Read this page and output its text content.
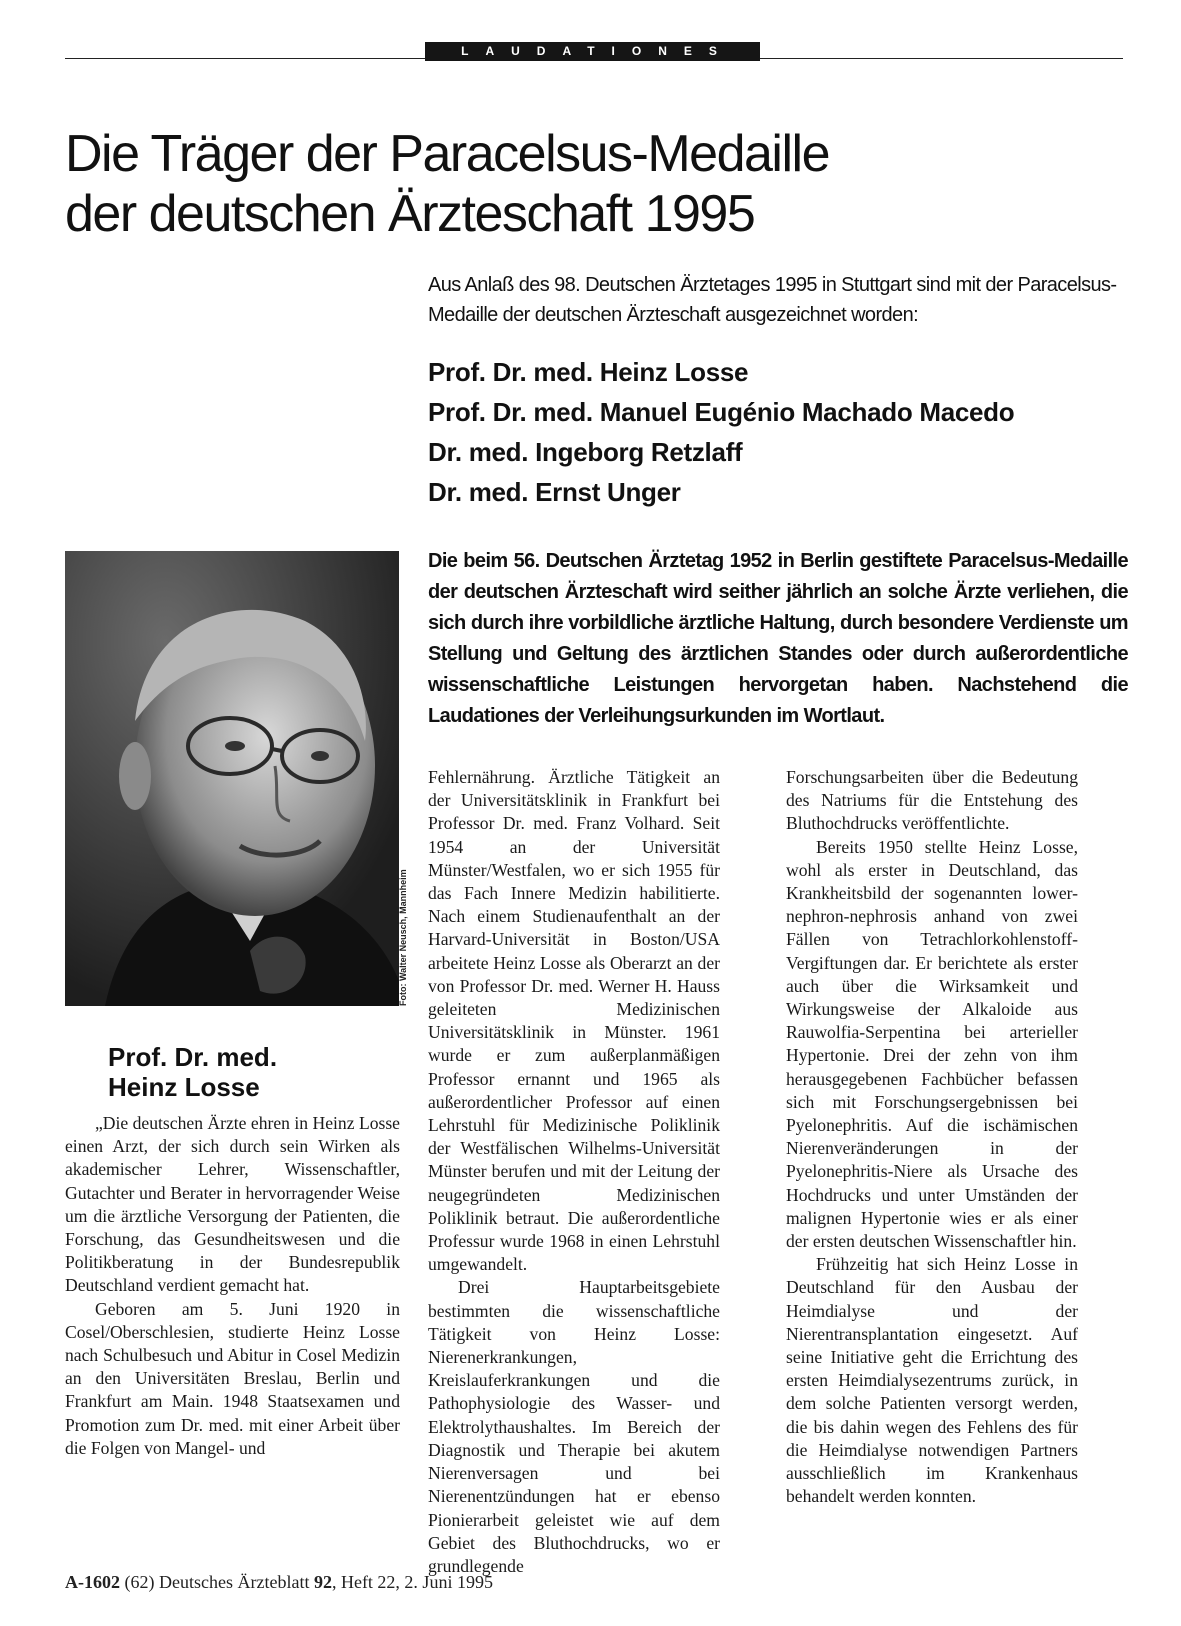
LAUDATIONES
Die Träger der Paracelsus-Medaille
der deutschen Ärzteschaft 1995

Aus Anlaß des 98. Deutschen Ärztetages 1995 in Stuttgart sind mit der Paracelsus-Medaille der deutschen Ärzteschaft ausgezeichnet worden:

Prof. Dr. med. Heinz Losse
Prof. Dr. med. Manuel Eugénio Machado Macedo
Dr. med. Ingeborg Retzlaff
Dr. med. Ernst Unger

Die beim 56. Deutschen Ärztetag 1952 in Berlin gestiftete Paracelsus-Medaille der deutschen Ärzteschaft wird seither jährlich an solche Ärzte verliehen, die sich durch ihre vorbildliche ärztliche Haltung, durch besondere Verdienste um Stellung und Geltung des ärztlichen Standes oder durch außerordentliche wissenschaftliche Leistungen hervorgetan haben. Nachstehend die Laudationes der Verleihungsurkunden im Wortlaut.

Foto: Walter Neusch, Mannheim
Prof. Dr. med.
Heinz Losse

„Die deutschen Ärzte ehren in Heinz Losse einen Arzt, der sich durch sein Wirken als akademischer Lehrer, Wissenschaftler, Gutachter und Berater in hervorragender Weise um die ärztliche Versorgung der Patienten, die Forschung, das Gesundheitswesen und die Politikberatung in der Bundesrepublik Deutschland verdient gemacht hat.

Geboren am 5. Juni 1920 in Cosel/Oberschlesien, studierte Heinz Losse nach Schulbesuch und Abitur in Cosel Medizin an den Universitäten Breslau, Berlin und Frankfurt am Main. 1948 Staatsexamen und Promotion zum Dr. med. mit einer Arbeit über die Folgen von Mangel- und

Fehlernährung. Ärztliche Tätigkeit an der Universitätsklinik in Frankfurt bei Professor Dr. med. Franz Volhard. Seit 1954 an der Universität Münster/Westfalen, wo er sich 1955 für das Fach Innere Medizin habilitierte. Nach einem Studienaufenthalt an der Harvard-Universität in Boston/USA arbeitete Heinz Losse als Oberarzt an der von Professor Dr. med. Werner H. Hauss geleiteten Medizinischen Universitätsklinik in Münster. 1961 wurde er zum außerplanmäßigen Professor ernannt und 1965 als außerordentlicher Professor auf einen Lehrstuhl für Medizinische Poliklinik der Westfälischen Wilhelms-Universität Münster berufen und mit der Leitung der neugegründeten Medizinischen Poliklinik betraut. Die außerordentliche Professur wurde 1968 in einen Lehrstuhl umgewandelt.

Drei Hauptarbeitsgebiete bestimmten die wissenschaftliche Tätigkeit von Heinz Losse: Nierenerkrankungen, Kreislauferkrankungen und die Pathophysiologie des Wasser- und Elektrolythaushaltes. Im Bereich der Diagnostik und Therapie bei akutem Nierenversagen und bei Nierenentzündungen hat er ebenso Pionierarbeit geleistet wie auf dem Gebiet des Bluthochdrucks, wo er grundlegende

Forschungsarbeiten über die Bedeutung des Natriums für die Entstehung des Bluthochdrucks veröffentlichte.

Bereits 1950 stellte Heinz Losse, wohl als erster in Deutschland, das Krankheitsbild der sogenannten lower-nephron-nephrosis anhand von zwei Fällen von Tetrachlorkohlenstoff-Vergiftungen dar. Er berichtete als erster auch über die Wirksamkeit und Wirkungsweise der Alkaloide aus Rauwolfia-Serpentina bei arterieller Hypertonie. Drei der zehn von ihm herausgegebenen Fachbücher befassen sich mit Forschungsergebnissen bei Pyelonephritis. Auf die ischämischen Nierenveränderungen in der Pyelonephritis-Niere als Ursache des Hochdrucks und unter Umständen der malignen Hypertonie wies er als einer der ersten deutschen Wissenschaftler hin.

Frühzeitig hat sich Heinz Losse in Deutschland für den Ausbau der Heimdialyse und der Nierentransplantation eingesetzt. Auf seine Initiative geht die Errichtung des ersten Heimdialysezentrums zurück, in dem solche Patienten versorgt werden, die bis dahin wegen des Fehlens des für die Heimdialyse notwendigen Partners ausschließlich im Krankenhaus behandelt werden konnten.

A-1602 (62) Deutsches Ärzteblatt 92, Heft 22, 2. Juni 1995
